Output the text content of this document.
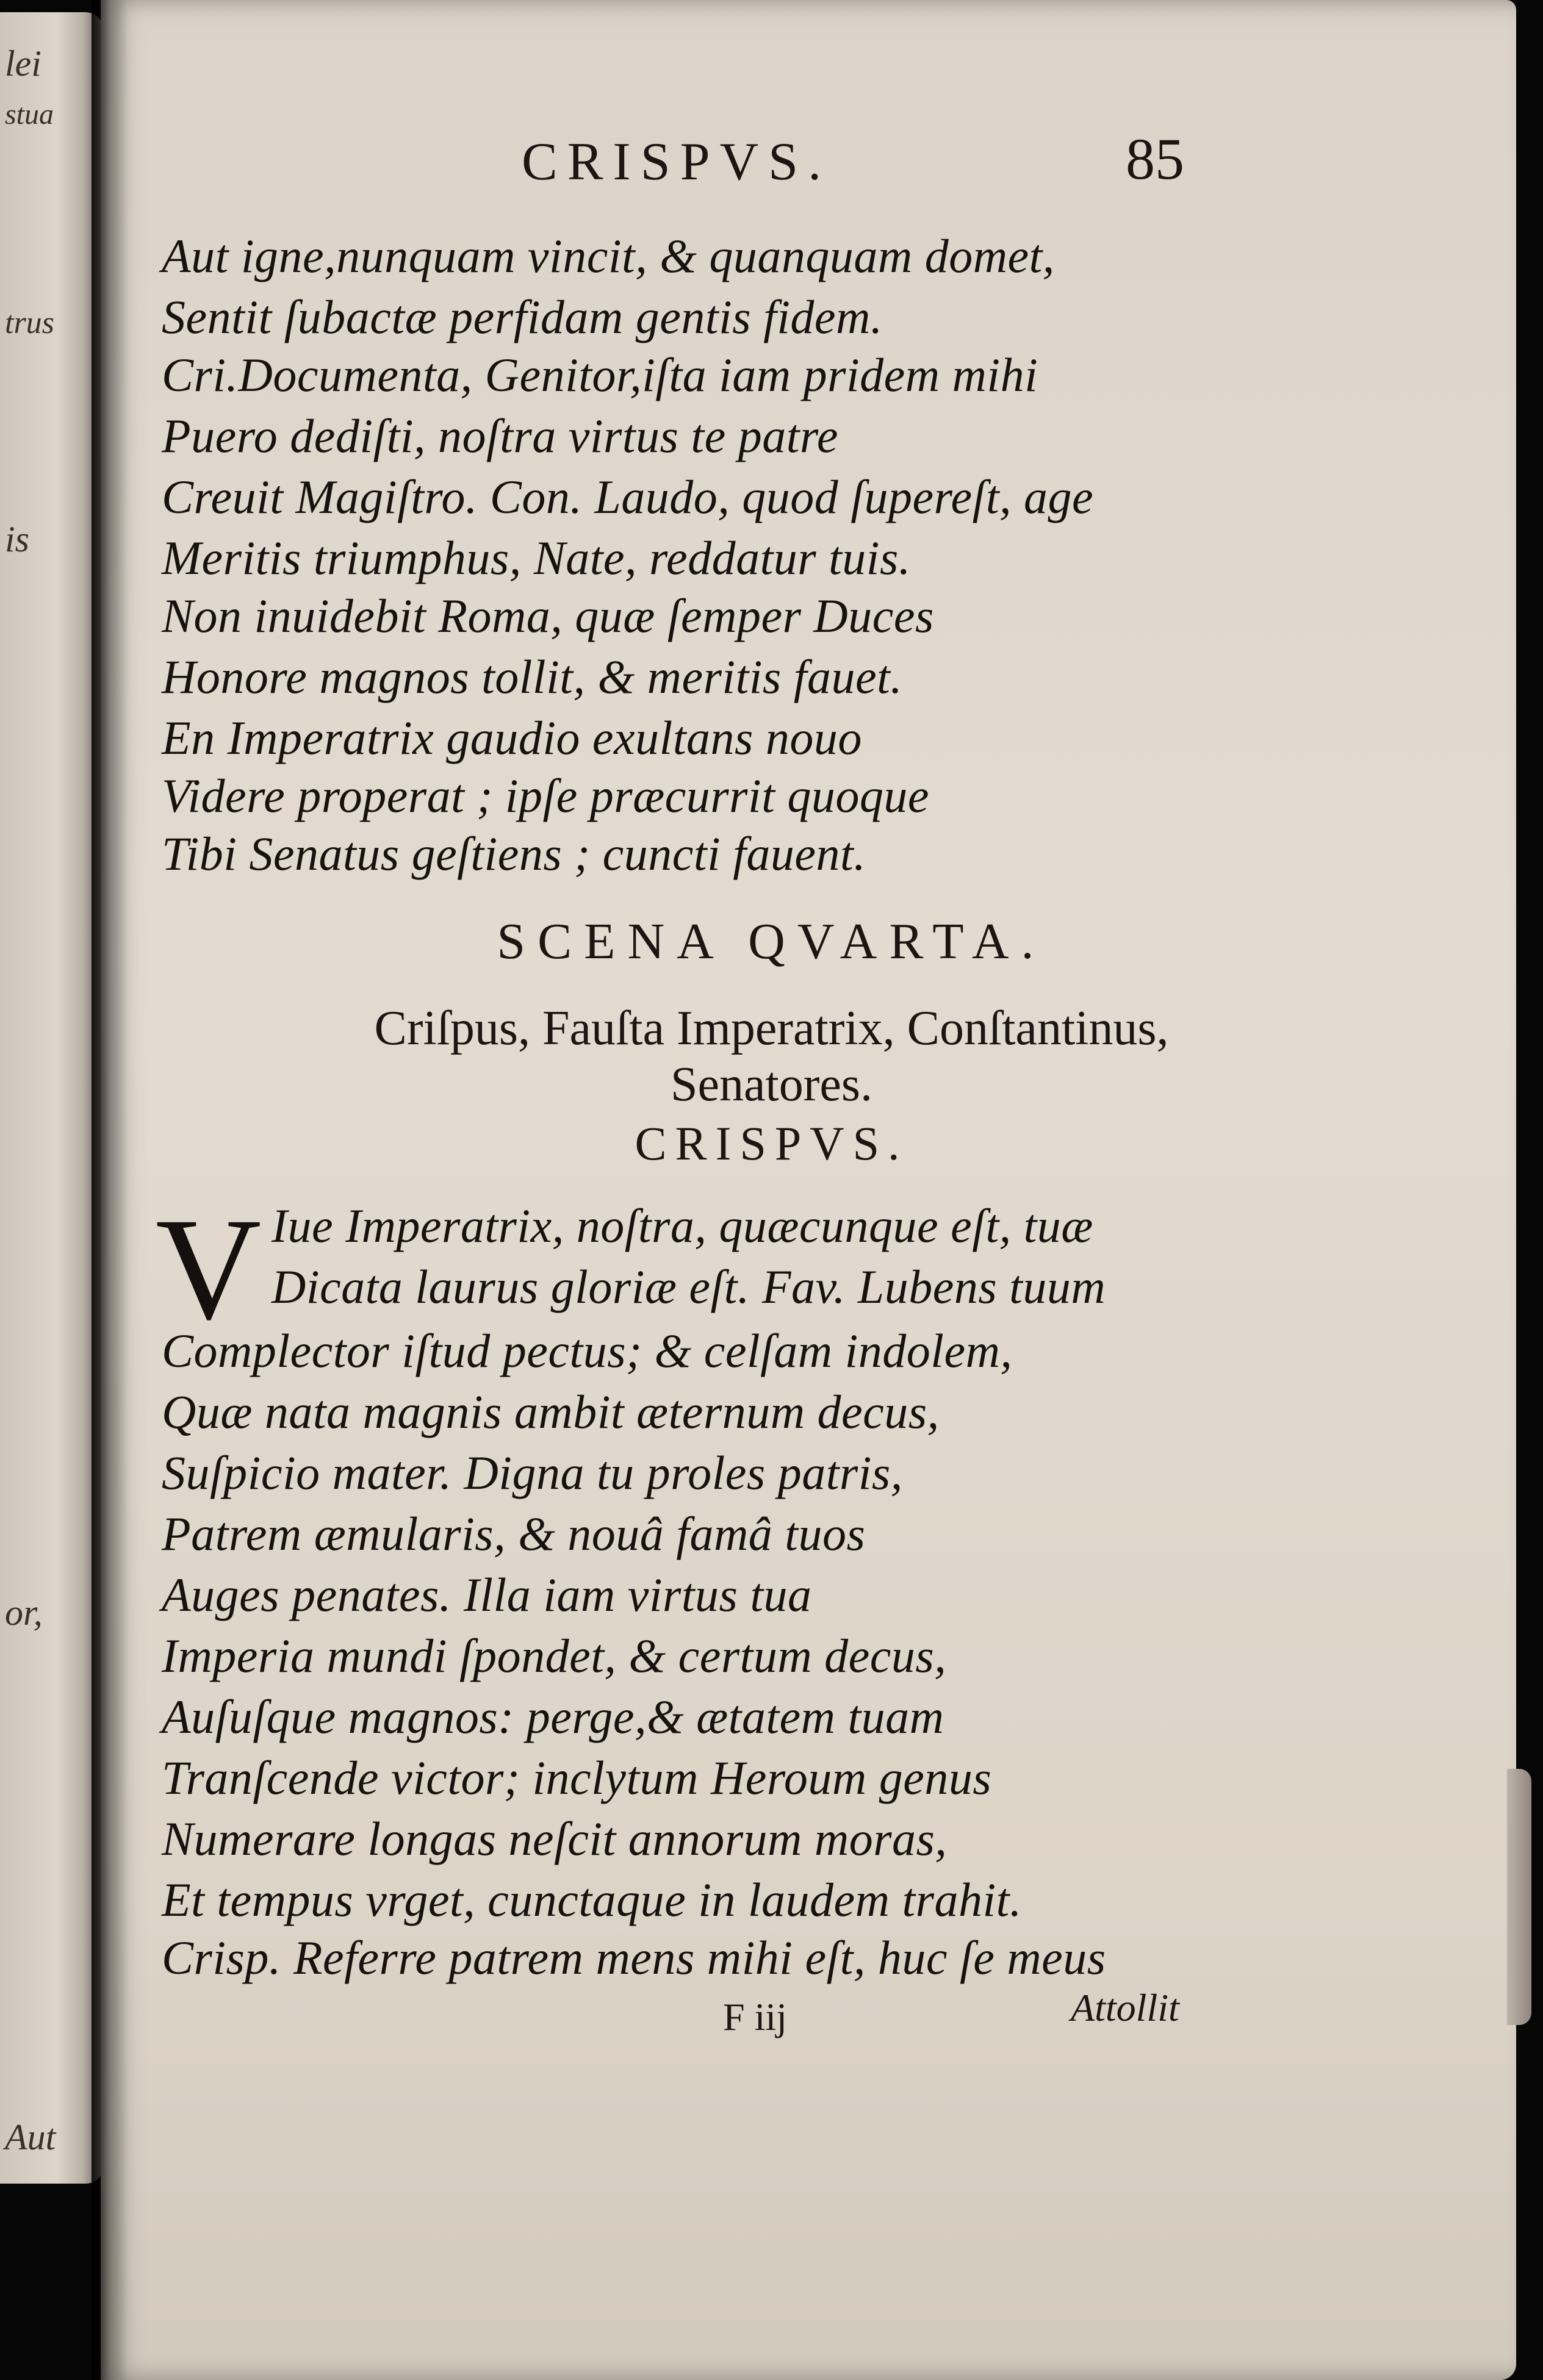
lei
stua
trus
is
or,
Aut
CRISPVS.	85
Aut igne,nunquam vincit, & quanquam domet,
Sentit ſubactæ perfidam gentis fidem.
Cri.Documenta, Genitor,iſta iam pridem mihi
Puero dediſti, noſtra virtus te patre
Creuit Magiſtro. Con. Laudo, quod ſupereſt, age
Meritis triumphus, Nate, reddatur tuis.
Non inuidebit Roma, quæ ſemper Duces
Honore magnos tollit, & meritis fauet.
En Imperatrix gaudio exultans nouo
Videre properat ; ipſe præcurrit quoque
Tibi Senatus geſtiens ; cuncti fauent.
SCENA QVARTA.
Criſpus, Fauſta Imperatrix, Conſtantinus,
Senatores.
CRISPVS.
V Iue Imperatrix, noſtra, quæcunque eſt, tuæ
Dicata laurus gloriæ eſt. Fav. Lubens tuum
Complector iſtud pectus; & celſam indolem,
Quæ nata magnis ambit æternum decus,
Suſpicio mater. Digna tu proles patris,
Patrem æmularis, & nouâ famâ tuos
Auges penates. Illa iam virtus tua
Imperia mundi ſpondet, & certum decus,
Auſuſque magnos: perge,& ætatem tuam
Tranſcende victor; inclytum Heroum genus
Numerare longas neſcit annorum moras,
Et tempus vrget, cunctaque in laudem trahit.
Crisp. Referre patrem mens mihi eſt, huc ſe meus
F iij	Attollit
